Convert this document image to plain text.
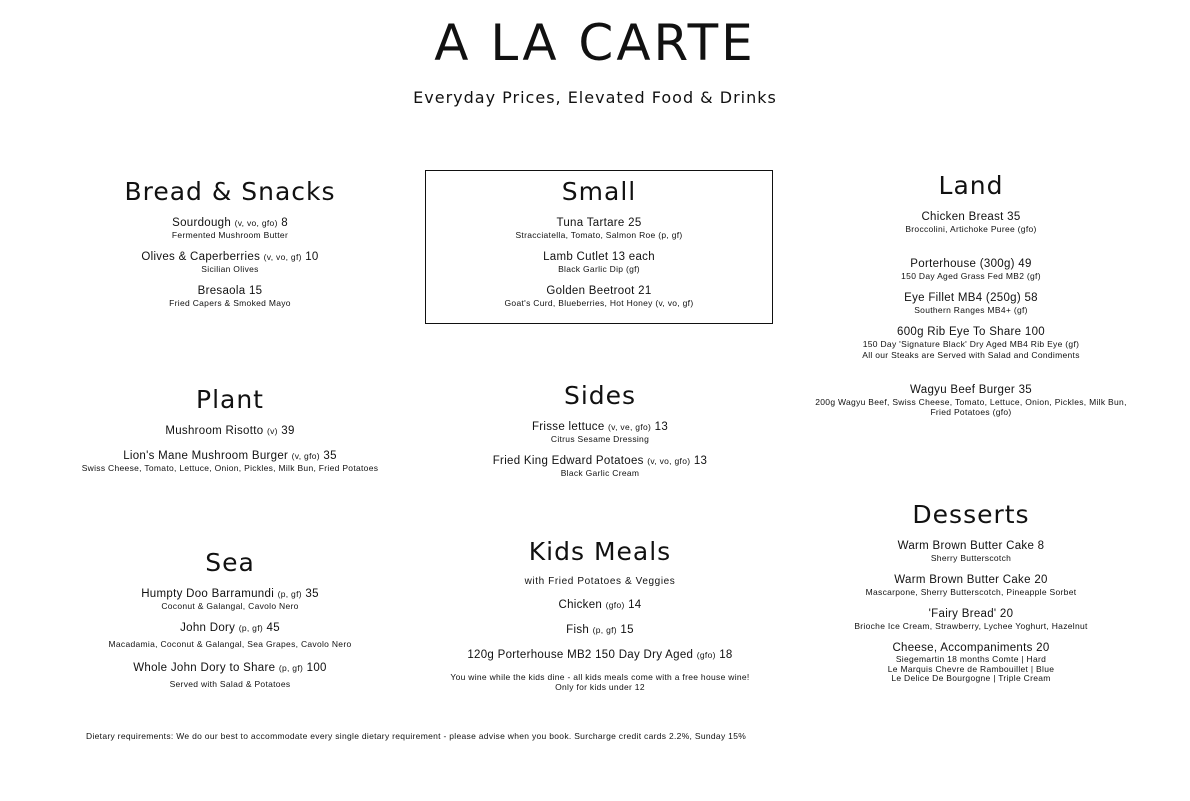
A LA CARTE
Everyday Prices, Elevated Food & Drinks
Bread & Snacks
Sourdough (v, vo, gfo) 8
Fermented Mushroom Butter
Olives & Caperberries (v, vo, gf) 10
Sicilian Olives
Bresaola 15
Fried Capers & Smoked Mayo
Small
Tuna Tartare 25
Stracciatella, Tomato, Salmon Roe (p, gf)
Lamb Cutlet 13 each
Black Garlic Dip (gf)
Golden Beetroot 21
Goat's Curd, Blueberries, Hot Honey (v, vo, gf)
Land
Chicken Breast 35
Broccolini, Artichoke Puree (gfo)
Porterhouse (300g) 49
150 Day Aged Grass Fed MB2 (gf)
Eye Fillet MB4 (250g) 58
Southern Ranges MB4+ (gf)
600g Rib Eye To Share 100
150 Day 'Signature Black' Dry Aged MB4 Rib Eye (gf)
All our Steaks are Served with Salad and Condiments
Wagyu Beef Burger 35
200g Wagyu Beef, Swiss Cheese, Tomato, Lettuce, Onion, Pickles, Milk Bun,
Fried Potatoes (gfo)
Plant
Mushroom Risotto (v) 39
Lion's Mane Mushroom Burger (v, gfo) 35
Swiss Cheese, Tomato, Lettuce, Onion, Pickles, Milk Bun, Fried Potatoes
Sides
Frisse lettuce (v, ve, gfo) 13
Citrus Sesame Dressing
Fried King Edward Potatoes (v, vo, gfo) 13
Black Garlic Cream
Desserts
Warm Brown Butter Cake 8
Sherry Butterscotch
Warm Brown Butter Cake 20
Mascarpone, Sherry Butterscotch, Pineapple Sorbet
'Fairy Bread' 20
Brioche Ice Cream, Strawberry, Lychee Yoghurt, Hazelnut
Cheese, Accompaniments 20
Siegemartin 18 months Comte | Hard
Le Marquis Chevre de Rambouillet | Blue
Le Delice De Bourgogne | Triple Cream
Sea
Humpty Doo Barramundi (p, gf) 35
Coconut & Galangal, Cavolo Nero
John Dory (p, gf) 45
Macadamia, Coconut & Galangal, Sea Grapes, Cavolo Nero
Whole John Dory to Share (p, gf) 100
Served with Salad & Potatoes
Kids Meals
with Fried Potatoes & Veggies
Chicken (gfo) 14
Fish (p, gf) 15
120g Porterhouse MB2 150 Day Dry Aged (gfo) 18
You wine while the kids dine - all kids meals come with a free house wine!
Only for kids under 12
Dietary requirements: We do our best to accommodate every single dietary requirement - please advise when you book. Surcharge credit cards 2.2%, Sunday 15%
